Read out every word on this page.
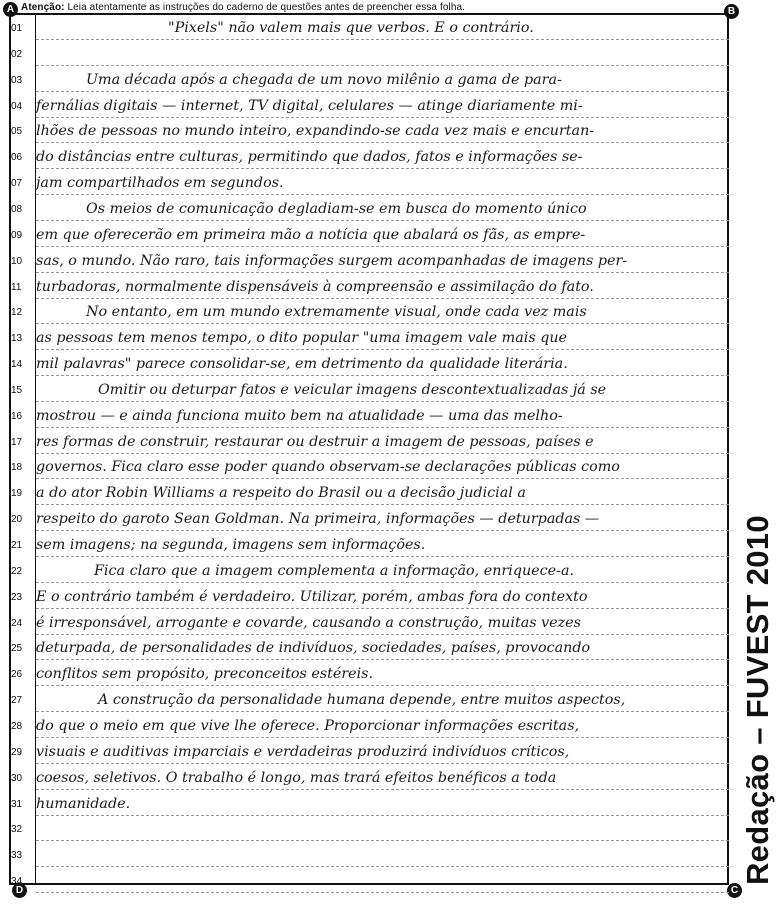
A	B
C
D
Atenção: Leia atentamente as instruções do caderno de questões antes de preencher essa folha.
01	"Pixels" não valem mais que verbos. E o contrário.
02
03	Uma década após a chegada de um novo milênio a gama de para-
04 fernálias digitais — internet, TV digital, celulares — atinge diariamente mi-
05 lhões de pessoas no mundo inteiro, expandindo-se cada vez mais e encurtan-
06 do distâncias entre culturas, permitindo que dados, fatos e informações se-
07 jam compartilhados em segundos.
08	Os meios de comunicação degladiam-se em busca do momento único
09 em que oferecerão em primeira mão a notícia que abalará os fãs, as empre-
10 sas, o mundo. Não raro, tais informações surgem acompanhadas de imagens per-
11	turbadoras, normalmente dispensáveis à compreensão e assimilação do fato.
12	No entanto, em um mundo extremamente visual, onde cada vez mais
13 as pessoas tem menos tempo, o dito popular "uma imagem vale mais que
14 mil palavras" parece consolidar-se, em detrimento da qualidade literária.
15	Omitir ou deturpar fatos e veicular imagens descontextualizadas já se
16 mostrou — e ainda funciona muito bem na atualidade — uma das melho-
17 res formas de construir, restaurar ou destruir a imagem de pessoas, países e
18 governos. Fica claro esse poder quando observam-se declarações públicas como
19 a do ator Robin Williams a respeito do Brasil ou a decisão judicial a
20 respeito do garoto Sean Goldman. Na primeira, informações — deturpadas —
21 sem imagens; na segunda, imagens sem informações.
22	Fica claro que a imagem complementa a informação, enriquece-a.
23 E o contrário também é verdadeiro. Utilizar, porém, ambas fora do contexto
24 é irresponsável, arrogante e covarde, causando a construção, muitas vezes
25 deturpada, de personalidades de indivíduos, sociedades, países, provocando
26 conflitos sem propósito, preconceitos estéreis.
27	A construção da personalidade humana depende, entre muitos aspectos,
28 do que o meio em que vive lhe oferece. Proporcionar informações escritas,
29 visuais e auditivas imparciais e verdadeiras produzirá indivíduos críticos,
30 coesos, seletivos. O trabalho é longo, mas trará efeitos benéficos a toda
31 humanidade.
32
33
34	Redação – FUVEST 2010
